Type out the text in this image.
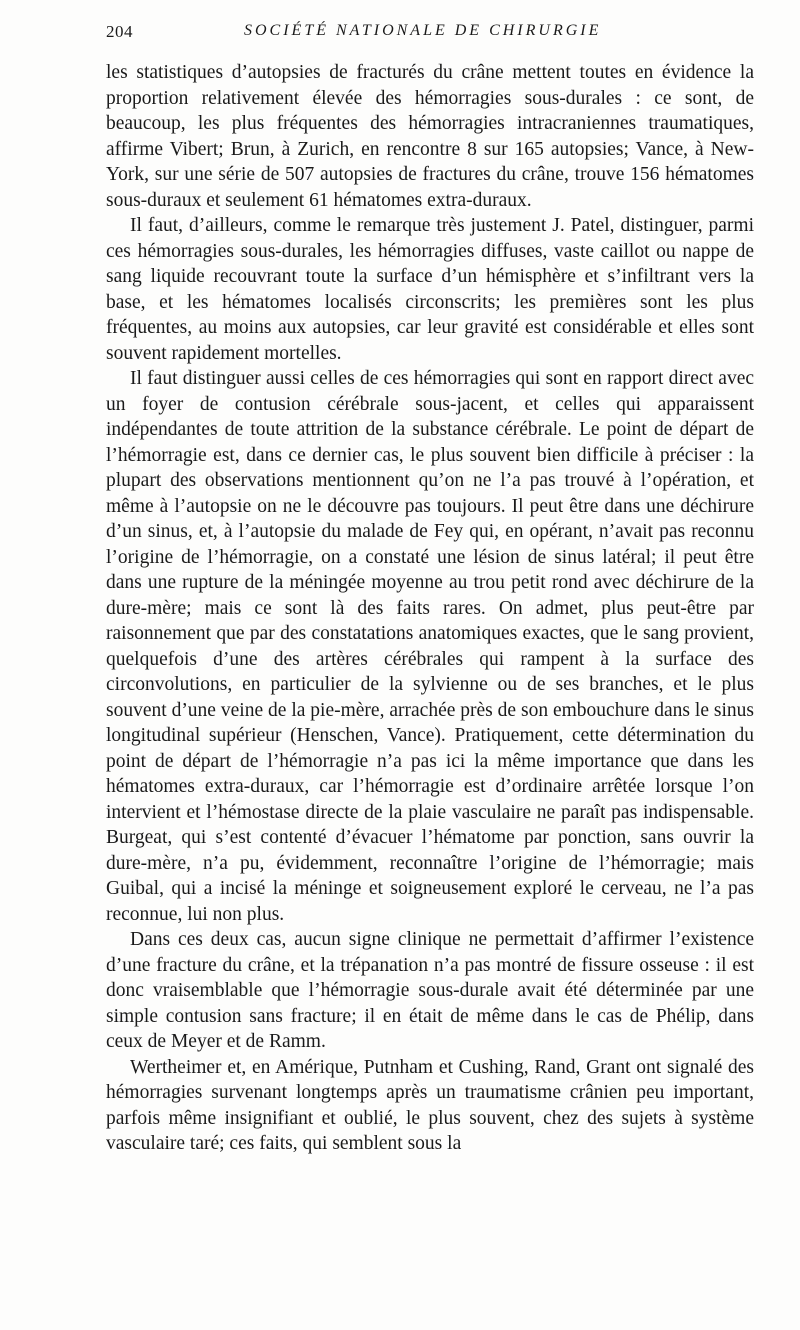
204	SOCIÉTÉ NATIONALE DE CHIRURGIE

les statistiques d’autopsies de fracturés du crâne mettent toutes en évidence la proportion relativement élevée des hémorragies sous-durales : ce sont, de beaucoup, les plus fréquentes des hémorragies intracraniennes traumatiques, affirme Vibert; Brun, à Zurich, en rencontre 8 sur 165 autopsies; Vance, à New-York, sur une série de 507 autopsies de fractures du crâne, trouve 156 hématomes sous-duraux et seulement 61 hématomes extra-duraux.

Il faut, d’ailleurs, comme le remarque très justement J. Patel, distinguer, parmi ces hémorragies sous-durales, les hémorragies diffuses, vaste caillot ou nappe de sang liquide recouvrant toute la surface d’un hémisphère et s’infiltrant vers la base, et les hématomes localisés circonscrits; les premières sont les plus fréquentes, au moins aux autopsies, car leur gravité est considérable et elles sont souvent rapidement mortelles.

Il faut distinguer aussi celles de ces hémorragies qui sont en rapport direct avec un foyer de contusion cérébrale sous-jacent, et celles qui apparaissent indépendantes de toute attrition de la substance cérébrale. Le point de départ de l’hémorragie est, dans ce dernier cas, le plus souvent bien difficile à préciser : la plupart des observations mentionnent qu’on ne l’a pas trouvé à l’opération, et même à l’autopsie on ne le découvre pas toujours. Il peut être dans une déchirure d’un sinus, et, à l’autopsie du malade de Fey qui, en opérant, n’avait pas reconnu l’origine de l’hémorragie, on a constaté une lésion de sinus latéral; il peut être dans une rupture de la méningée moyenne au trou petit rond avec déchirure de la dure-mère; mais ce sont là des faits rares. On admet, plus peut-être par raisonnement que par des constatations anatomiques exactes, que le sang provient, quelquefois d’une des artères cérébrales qui rampent à la surface des circonvolutions, en particulier de la sylvienne ou de ses branches, et le plus souvent d’une veine de la pie-mère, arrachée près de son embouchure dans le sinus longitudinal supérieur (Henschen, Vance). Pratiquement, cette détermination du point de départ de l’hémorragie n’a pas ici la même importance que dans les hématomes extra-duraux, car l’hémorragie est d’ordinaire arrêtée lorsque l’on intervient et l’hémostase directe de la plaie vasculaire ne paraît pas indispensable. Burgeat, qui s’est contenté d’évacuer l’hématome par ponction, sans ouvrir la dure-mère, n’a pu, évidemment, reconnaître l’origine de l’hémorragie; mais Guibal, qui a incisé la méninge et soigneusement exploré le cerveau, ne l’a pas reconnue, lui non plus.

Dans ces deux cas, aucun signe clinique ne permettait d’affirmer l’existence d’une fracture du crâne, et la trépanation n’a pas montré de fissure osseuse : il est donc vraisemblable que l’hémorragie sous-durale avait été déterminée par une simple contusion sans fracture; il en était de même dans le cas de Phélip, dans ceux de Meyer et de Ramm.

Wertheimer et, en Amérique, Putnham et Cushing, Rand, Grant ont signalé des hémorragies survenant longtemps après un traumatisme crânien peu important, parfois même insignifiant et oublié, le plus souvent, chez des sujets à système vasculaire taré; ces faits, qui semblent sous la
